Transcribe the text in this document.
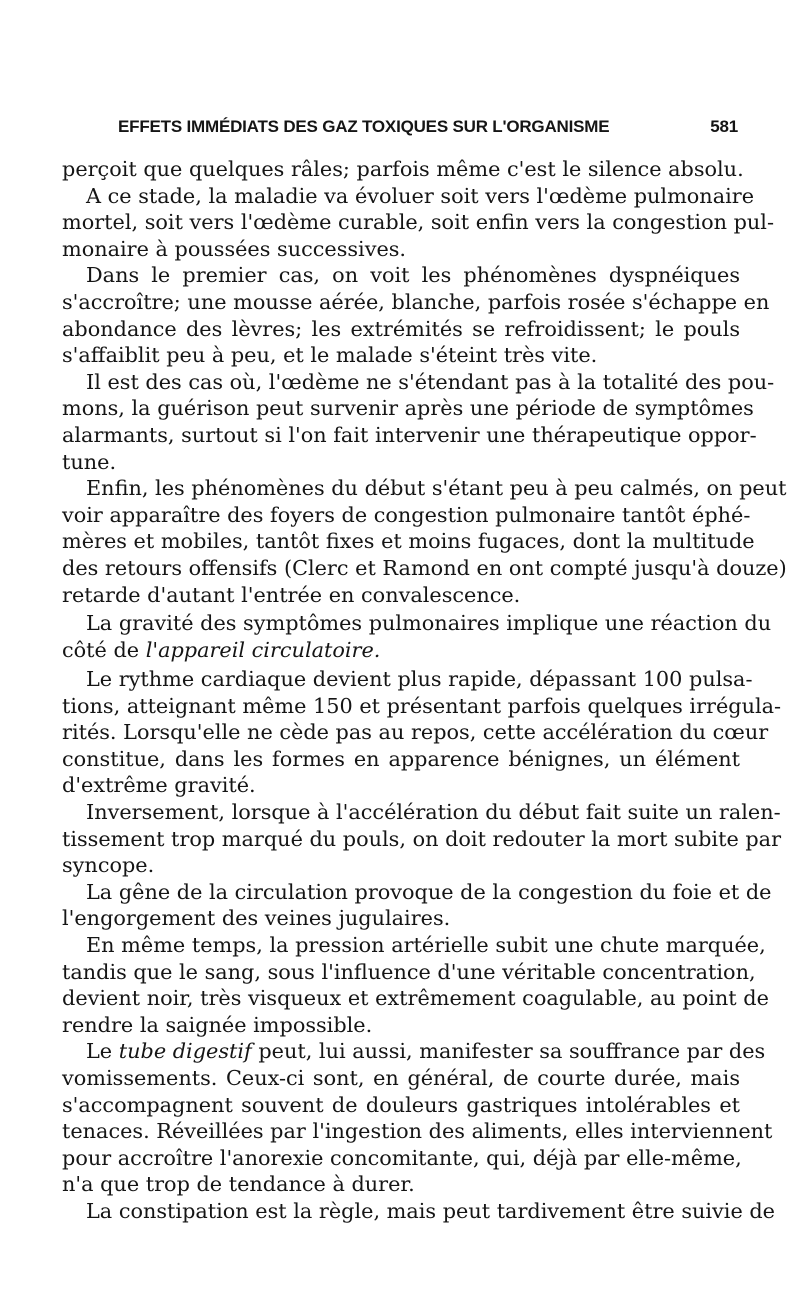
EFFETS IMMÉDIATS DES GAZ TOXIQUES SUR L'ORGANISME	581
perçoit que quelques râles; parfois même c'est le silence absolu.
A ce stade, la maladie va évoluer soit vers l'œdème pulmonaire
mortel, soit vers l'œdème curable, soit enfin vers la congestion pul-
monaire à poussées successives.
Dans le premier cas, on voit les phénomènes dyspnéiques
s'accroître; une mousse aérée, blanche, parfois rosée s'échappe en
abondance des lèvres; les extrémités se refroidissent; le pouls
s'affaiblit peu à peu, et le malade s'éteint très vite.
Il est des cas où, l'œdème ne s'étendant pas à la totalité des pou-
mons, la guérison peut survenir après une période de symptômes
alarmants, surtout si l'on fait intervenir une thérapeutique oppor-
tune.
Enfin, les phénomènes du début s'étant peu à peu calmés, on peut
voir apparaître des foyers de congestion pulmonaire tantôt éphé-
mères et mobiles, tantôt fixes et moins fugaces, dont la multitude
des retours offensifs (Clerc et Ramond en ont compté jusqu'à douze)
retarde d'autant l'entrée en convalescence.
La gravité des symptômes pulmonaires implique une réaction du
côté de l'appareil circulatoire.
Le rythme cardiaque devient plus rapide, dépassant 100 pulsa-
tions, atteignant même 150 et présentant parfois quelques irrégula-
rités. Lorsqu'elle ne cède pas au repos, cette accélération du cœur
constitue, dans les formes en apparence bénignes, un élément
d'extrême gravité.
Inversement, lorsque à l'accélération du début fait suite un ralen-
tissement trop marqué du pouls, on doit redouter la mort subite par
syncope.
La gêne de la circulation provoque de la congestion du foie et de
l'engorgement des veines jugulaires.
En même temps, la pression artérielle subit une chute marquée,
tandis que le sang, sous l'influence d'une véritable concentration,
devient noir, très visqueux et extrêmement coagulable, au point de
rendre la saignée impossible.
Le tube digestif peut, lui aussi, manifester sa souffrance par des
vomissements. Ceux-ci sont, en général, de courte durée, mais
s'accompagnent souvent de douleurs gastriques intolérables et
tenaces. Réveillées par l'ingestion des aliments, elles interviennent
pour accroître l'anorexie concomitante, qui, déjà par elle-même,
n'a que trop de tendance à durer.
La constipation est la règle, mais peut tardivement être suivie de
